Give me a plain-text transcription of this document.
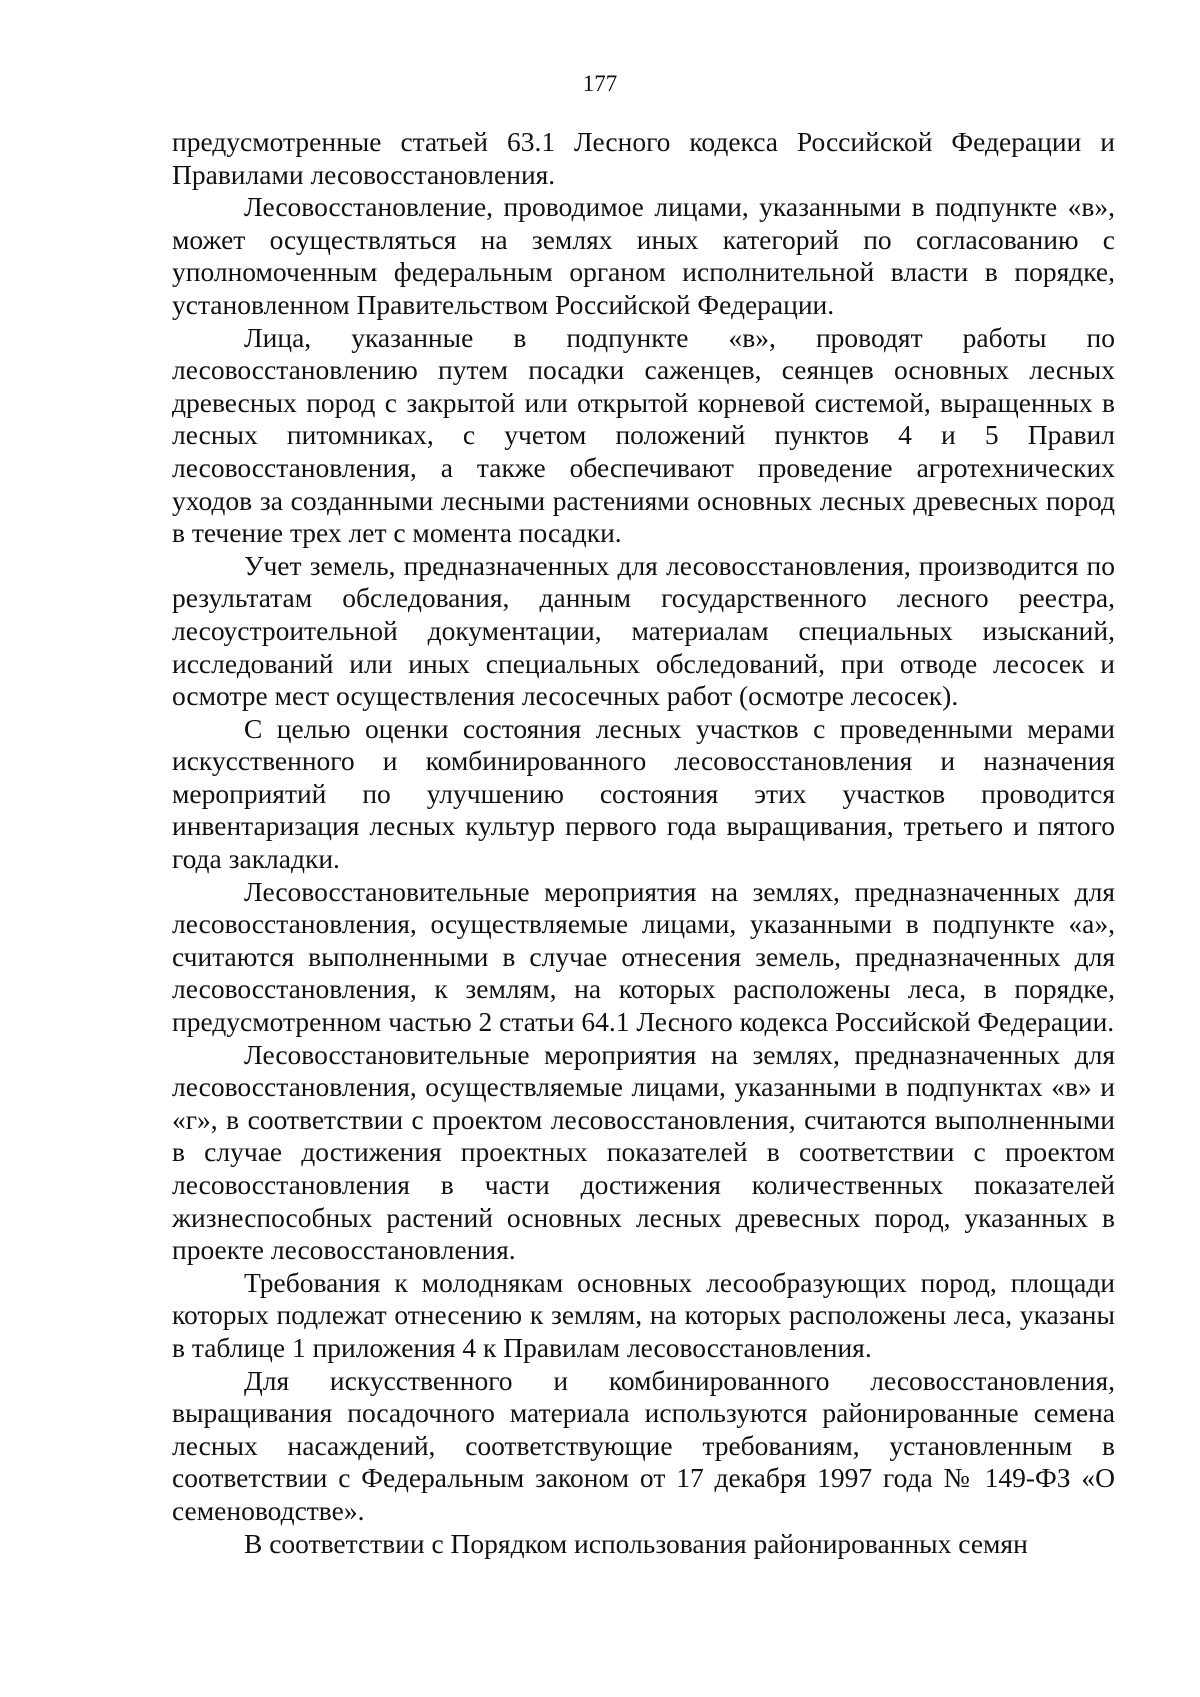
177

предусмотренные статьей 63.1 Лесного кодекса Российской Федерации и Правилами лесовосстановления.

Лесовосстановление, проводимое лицами, указанными в подпункте «в», может осуществляться на землях иных категорий по согласованию с уполномоченным федеральным органом исполнительной власти в порядке, установленном Правительством Российской Федерации.

Лица, указанные в подпункте «в», проводят работы по лесовосстановлению путем посадки саженцев, сеянцев основных лесных древесных пород с закрытой или открытой корневой системой, выращенных в лесных питомниках, с учетом положений пунктов 4 и 5 Правил лесовосстановления, а также обеспечивают проведение агротехнических уходов за созданными лесными растениями основных лесных древесных пород в течение трех лет с момента посадки.

Учет земель, предназначенных для лесовосстановления, производится по результатам обследования, данным государственного лесного реестра, лесоустроительной документации, материалам специальных изысканий, исследований или иных специальных обследований, при отводе лесосек и осмотре мест осуществления лесосечных работ (осмотре лесосек).

С целью оценки состояния лесных участков с проведенными мерами искусственного и комбинированного лесовосстановления и назначения мероприятий по улучшению состояния этих участков проводится инвентаризация лесных культур первого года выращивания, третьего и пятого года закладки.

Лесовосстановительные мероприятия на землях, предназначенных для лесовосстановления, осуществляемые лицами, указанными в подпункте «а», считаются выполненными в случае отнесения земель, предназначенных для лесовосстановления, к землям, на которых расположены леса, в порядке, предусмотренном частью 2 статьи 64.1 Лесного кодекса Российской Федерации.

Лесовосстановительные мероприятия на землях, предназначенных для лесовосстановления, осуществляемые лицами, указанными в подпунктах «в» и «г», в соответствии с проектом лесовосстановления, считаются выполненными в случае достижения проектных показателей в соответствии с проектом лесовосстановления в части достижения количественных показателей жизнеспособных растений основных лесных древесных пород, указанных в проекте лесовосстановления.

Требования к молоднякам основных лесообразующих пород, площади которых подлежат отнесению к землям, на которых расположены леса, указаны в таблице 1 приложения 4 к Правилам лесовосстановления.

Для искусственного и комбинированного лесовосстановления, выращивания посадочного материала используются районированные семена лесных насаждений, соответствующие требованиям, установленным в соответствии с Федеральным законом от 17 декабря 1997 года № 149-ФЗ «О семеноводстве».

В соответствии с Порядком использования районированных семян
